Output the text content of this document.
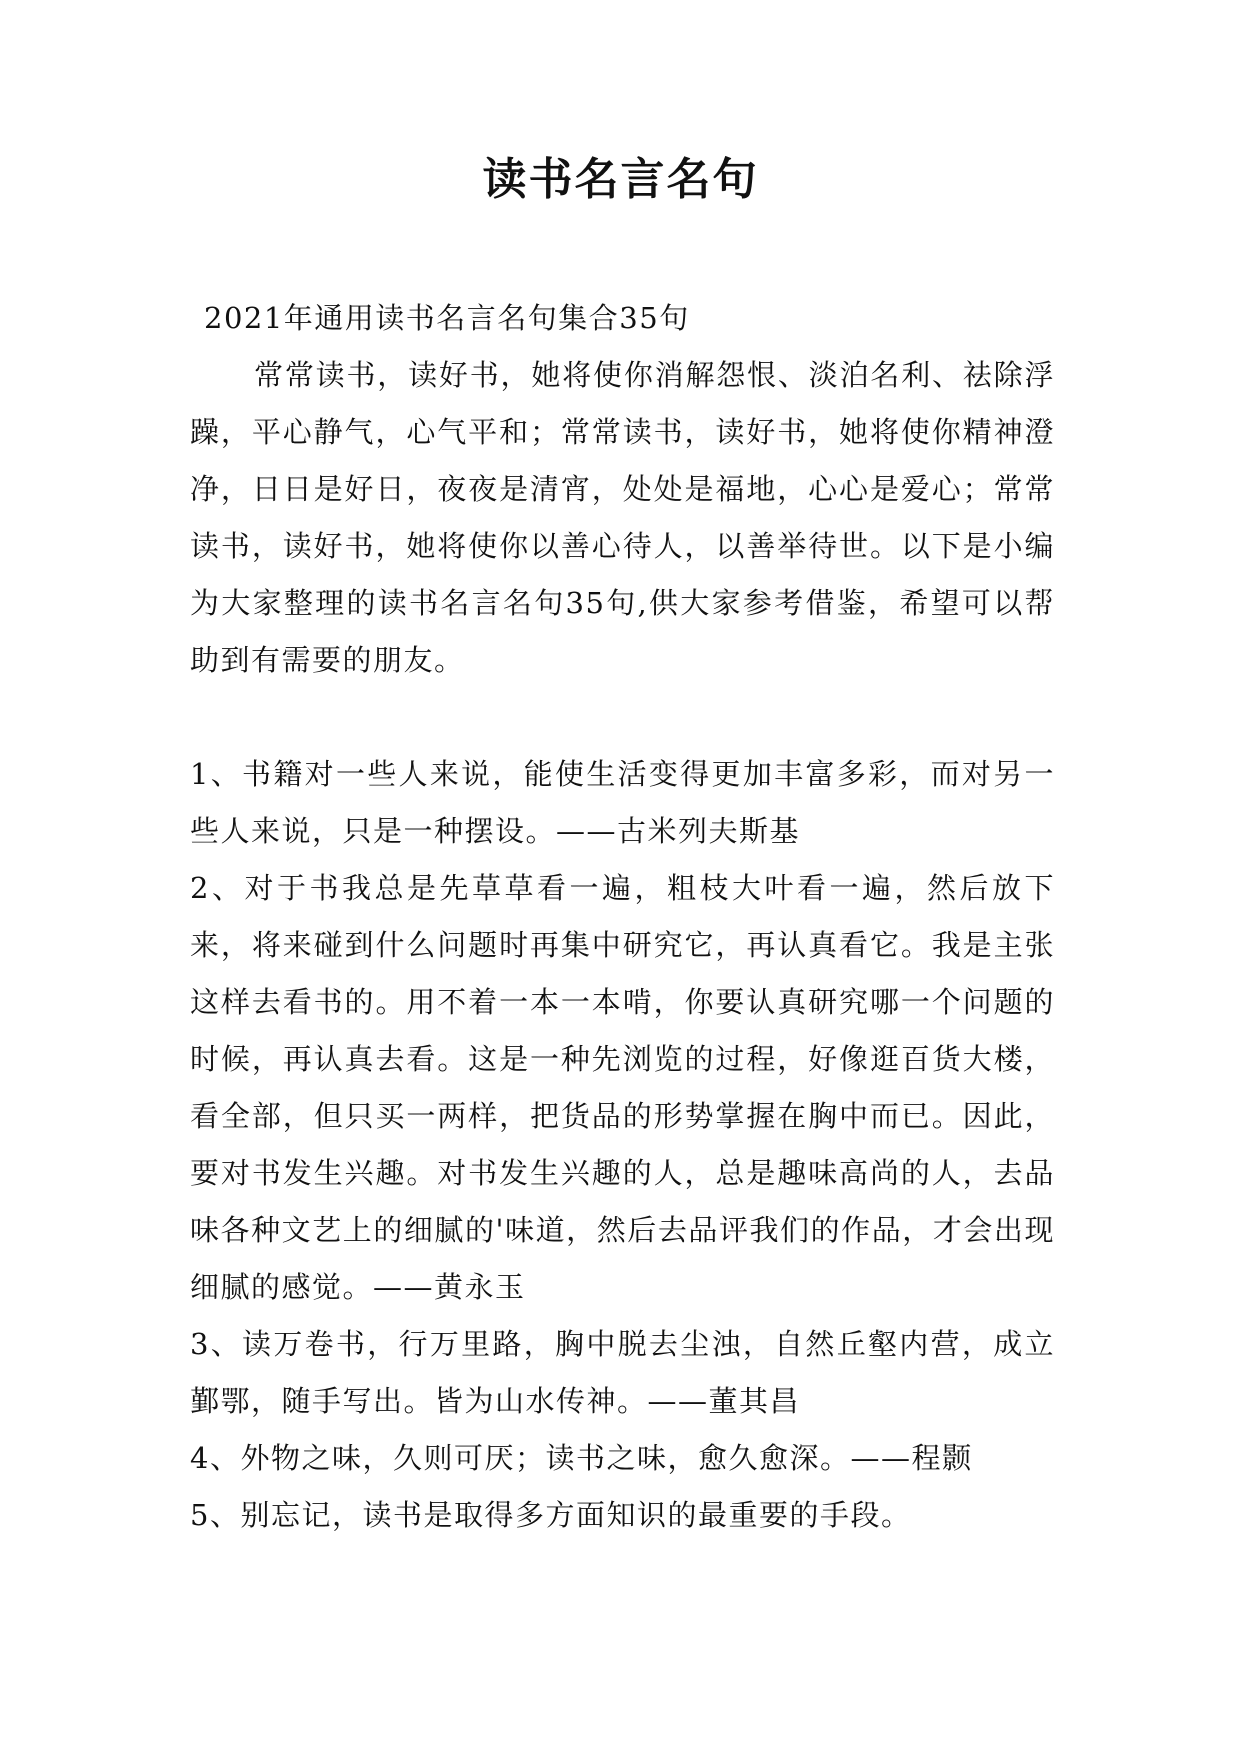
读书名言名句

2021年通用读书名言名句集合35句

常常读书，读好书，她将使你消解怨恨、淡泊名利、祛除浮躁，平心静气，心气平和；常常读书，读好书，她将使你精神澄净，日日是好日，夜夜是清宵，处处是福地，心心是爱心；常常读书，读好书，她将使你以善心待人，以善举待世。以下是小编为大家整理的读书名言名句35句,供大家参考借鉴，希望可以帮助到有需要的朋友。

1、书籍对一些人来说，能使生活变得更加丰富多彩，而对另一些人来说，只是一种摆设。——古米列夫斯基

2、对于书我总是先草草看一遍，粗枝大叶看一遍，然后放下来，将来碰到什么问题时再集中研究它，再认真看它。我是主张这样去看书的。用不着一本一本啃，你要认真研究哪一个问题的时候，再认真去看。这是一种先浏览的过程，好像逛百货大楼，看全部，但只买一两样，把货品的形势掌握在胸中而已。因此，要对书发生兴趣。对书发生兴趣的人，总是趣味高尚的人，去品味各种文艺上的细腻的'味道，然后去品评我们的作品，才会出现细腻的感觉。——黄永玉

3、读万卷书，行万里路，胸中脱去尘浊，自然丘壑内营，成立鄞鄂，随手写出。皆为山水传神。——董其昌

4、外物之味，久则可厌；读书之味，愈久愈深。——程颢

5、别忘记，读书是取得多方面知识的最重要的手段。
